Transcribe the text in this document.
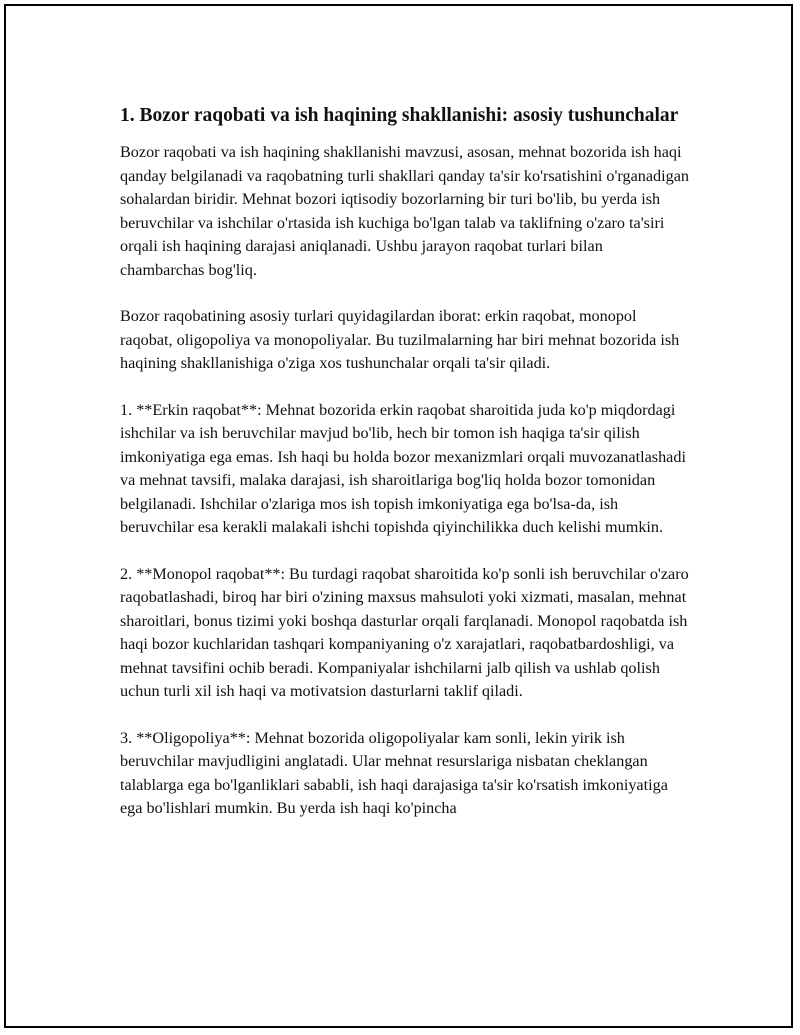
1. Bozor raqobati va ish haqining shakllanishi: asosiy tushunchalar

Bozor raqobati va ish haqining shakllanishi mavzusi, asosan, mehnat bozorida ish haqi qanday belgilanadi va raqobatning turli shakllari qanday ta'sir ko'rsatishini o'rganadigan sohalardan biridir. Mehnat bozori iqtisodiy bozorlarning bir turi bo'lib, bu yerda ish beruvchilar va ishchilar o'rtasida ish kuchiga bo'lgan talab va taklifning o'zaro ta'siri orqali ish haqining darajasi aniqlanadi. Ushbu jarayon raqobat turlari bilan chambarchas bog'liq.

Bozor raqobatining asosiy turlari quyidagilardan iborat: erkin raqobat, monopol raqobat, oligopoliya va monopoliyalar. Bu tuzilmalarning har biri mehnat bozorida ish haqining shakllanishiga o'ziga xos tushunchalar orqali ta'sir qiladi.

1. **Erkin raqobat**: Mehnat bozorida erkin raqobat sharoitida juda ko'p miqdordagi ishchilar va ish beruvchilar mavjud bo'lib, hech bir tomon ish haqiga ta'sir qilish imkoniyatiga ega emas. Ish haqi bu holda bozor mexanizmlari orqali muvozanatlashadi va mehnat tavsifi, malaka darajasi, ish sharoitlariga bog'liq holda bozor tomonidan belgilanadi. Ishchilar o'zlariga mos ish topish imkoniyatiga ega bo'lsa-da, ish beruvchilar esa kerakli malakali ishchi topishda qiyinchilikka duch kelishi mumkin.

2. **Monopol raqobat**: Bu turdagi raqobat sharoitida ko'p sonli ish beruvchilar o'zaro raqobatlashadi, biroq har biri o'zining maxsus mahsuloti yoki xizmati, masalan, mehnat sharoitlari, bonus tizimi yoki boshqa dasturlar orqali farqlanadi. Monopol raqobatda ish haqi bozor kuchlaridan tashqari kompaniyaning o'z xarajatlari, raqobatbardoshligi, va mehnat tavsifini ochib beradi. Kompaniyalar ishchilarni jalb qilish va ushlab qolish uchun turli xil ish haqi va motivatsion dasturlarni taklif qiladi.

3. **Oligopoliya**: Mehnat bozorida oligopoliyalar kam sonli, lekin yirik ish beruvchilar mavjudligini anglatadi. Ular mehnat resurslariga nisbatan cheklangan talablarga ega bo'lganliklari sababli, ish haqi darajasiga ta'sir ko'rsatish imkoniyatiga ega bo'lishlari mumkin. Bu yerda ish haqi ko'pincha
